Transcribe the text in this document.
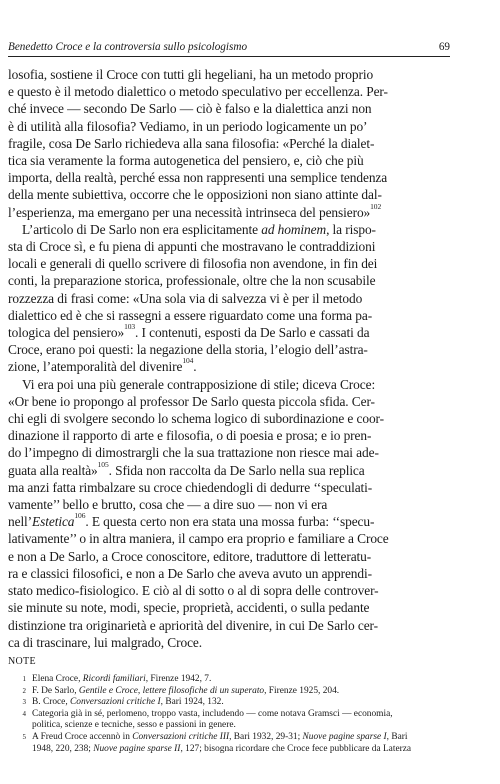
Benedetto Croce e la controversia sullo psicologismo	69
losofia, sostiene il Croce con tutti gli hegeliani, ha un metodo proprio
e questo è il metodo dialettico o metodo speculativo per eccellenza. Per-
ché invece — secondo De Sarlo — ciò è falso e la dialettica anzi non
è di utilità alla filosofia? Vediamo, in un periodo logicamente un po’
fragile, cosa De Sarlo richiedeva alla sana filosofia: «Perché la dialet-
tica sia veramente la forma autogenetica del pensiero, e, ciò che più
importa, della realtà, perché essa non rappresenti una semplice tendenza
della mente subiettiva, occorre che le opposizioni non siano attinte dal-
l’esperienza, ma emergano per una necessità intrinseca del pensiero»$^{102}$
L’articolo di De Sarlo non era esplicitamente ad hominem, la rispo-
sta di Croce sì, e fu piena di appunti che mostravano le contraddizioni
locali e generali di quello scrivere di filosofia non avendone, in fin dei
conti, la preparazione storica, professionale, oltre che la non scusabile
rozzezza di frasi come: «Una sola via di salvezza vi è per il metodo
dialettico ed è che si rassegni a essere riguardato come una forma pa-
tologica del pensiero»$^{103}$. I contenuti, esposti da De Sarlo e cassati da
Croce, erano poi questi: la negazione della storia, l’elogio dell’astra-
zione, l’atemporalità del divenire$^{104}$.
Vi era poi una più generale contrapposizione di stile; diceva Croce:
«Or bene io propongo al professor De Sarlo questa piccola sfida. Cer-
chi egli di svolgere secondo lo schema logico di subordinazione e coor-
dinazione il rapporto di arte e filosofia, o di poesia e prosa; e io pren-
do l’impegno di dimostrargli che la sua trattazione non riesce mai ade-
guata alla realtà»$^{105}$. Sfida non raccolta da De Sarlo nella sua replica
ma anzi fatta rimbalzare su croce chiedendogli di dedurre ‘‘speculati-
vamente’’ bello e brutto, cosa che — a dire suo — non vi era
nell’Estetica$^{106}$. E questa certo non era stata una mossa furba: ‘‘specu-
lativamente’’ o in altra maniera, il campo era proprio e familiare a Croce
e non a De Sarlo, a Croce conoscitore, editore, traduttore di letteratu-
ra e classici filosofici, e non a De Sarlo che aveva avuto un apprendi-
stato medico-fisiologico. E ciò al di sotto o al di sopra delle controver-
sie minute su note, modi, specie, proprietà, accidenti, o sulla pedante
distinzione tra originarietà e apriorità del divenire, in cui De Sarlo cer-
ca di trascinare, lui malgrado, Croce.
NOTE
1 Elena Croce, Ricordi familiari, Firenze 1942, 7.
2 F. De Sarlo, Gentile e Croce, lettere filosofiche di un superato, Firenze 1925, 204.
3 B. Croce, Conversazioni critiche I, Bari 1924, 132.
4 Categoria già in sé, perlomeno, troppo vasta, includendo — come notava Gramsci — economia,
politica, scienze e tecniche, sesso e passioni in genere.
5 A Freud Croce accennò in Conversazioni critiche III, Bari 1932, 29-31; Nuove pagine sparse I, Bari
1948, 220, 238; Nuove pagine sparse II, 127; bisogna ricordare che Croce fece pubblicare da Laterza
